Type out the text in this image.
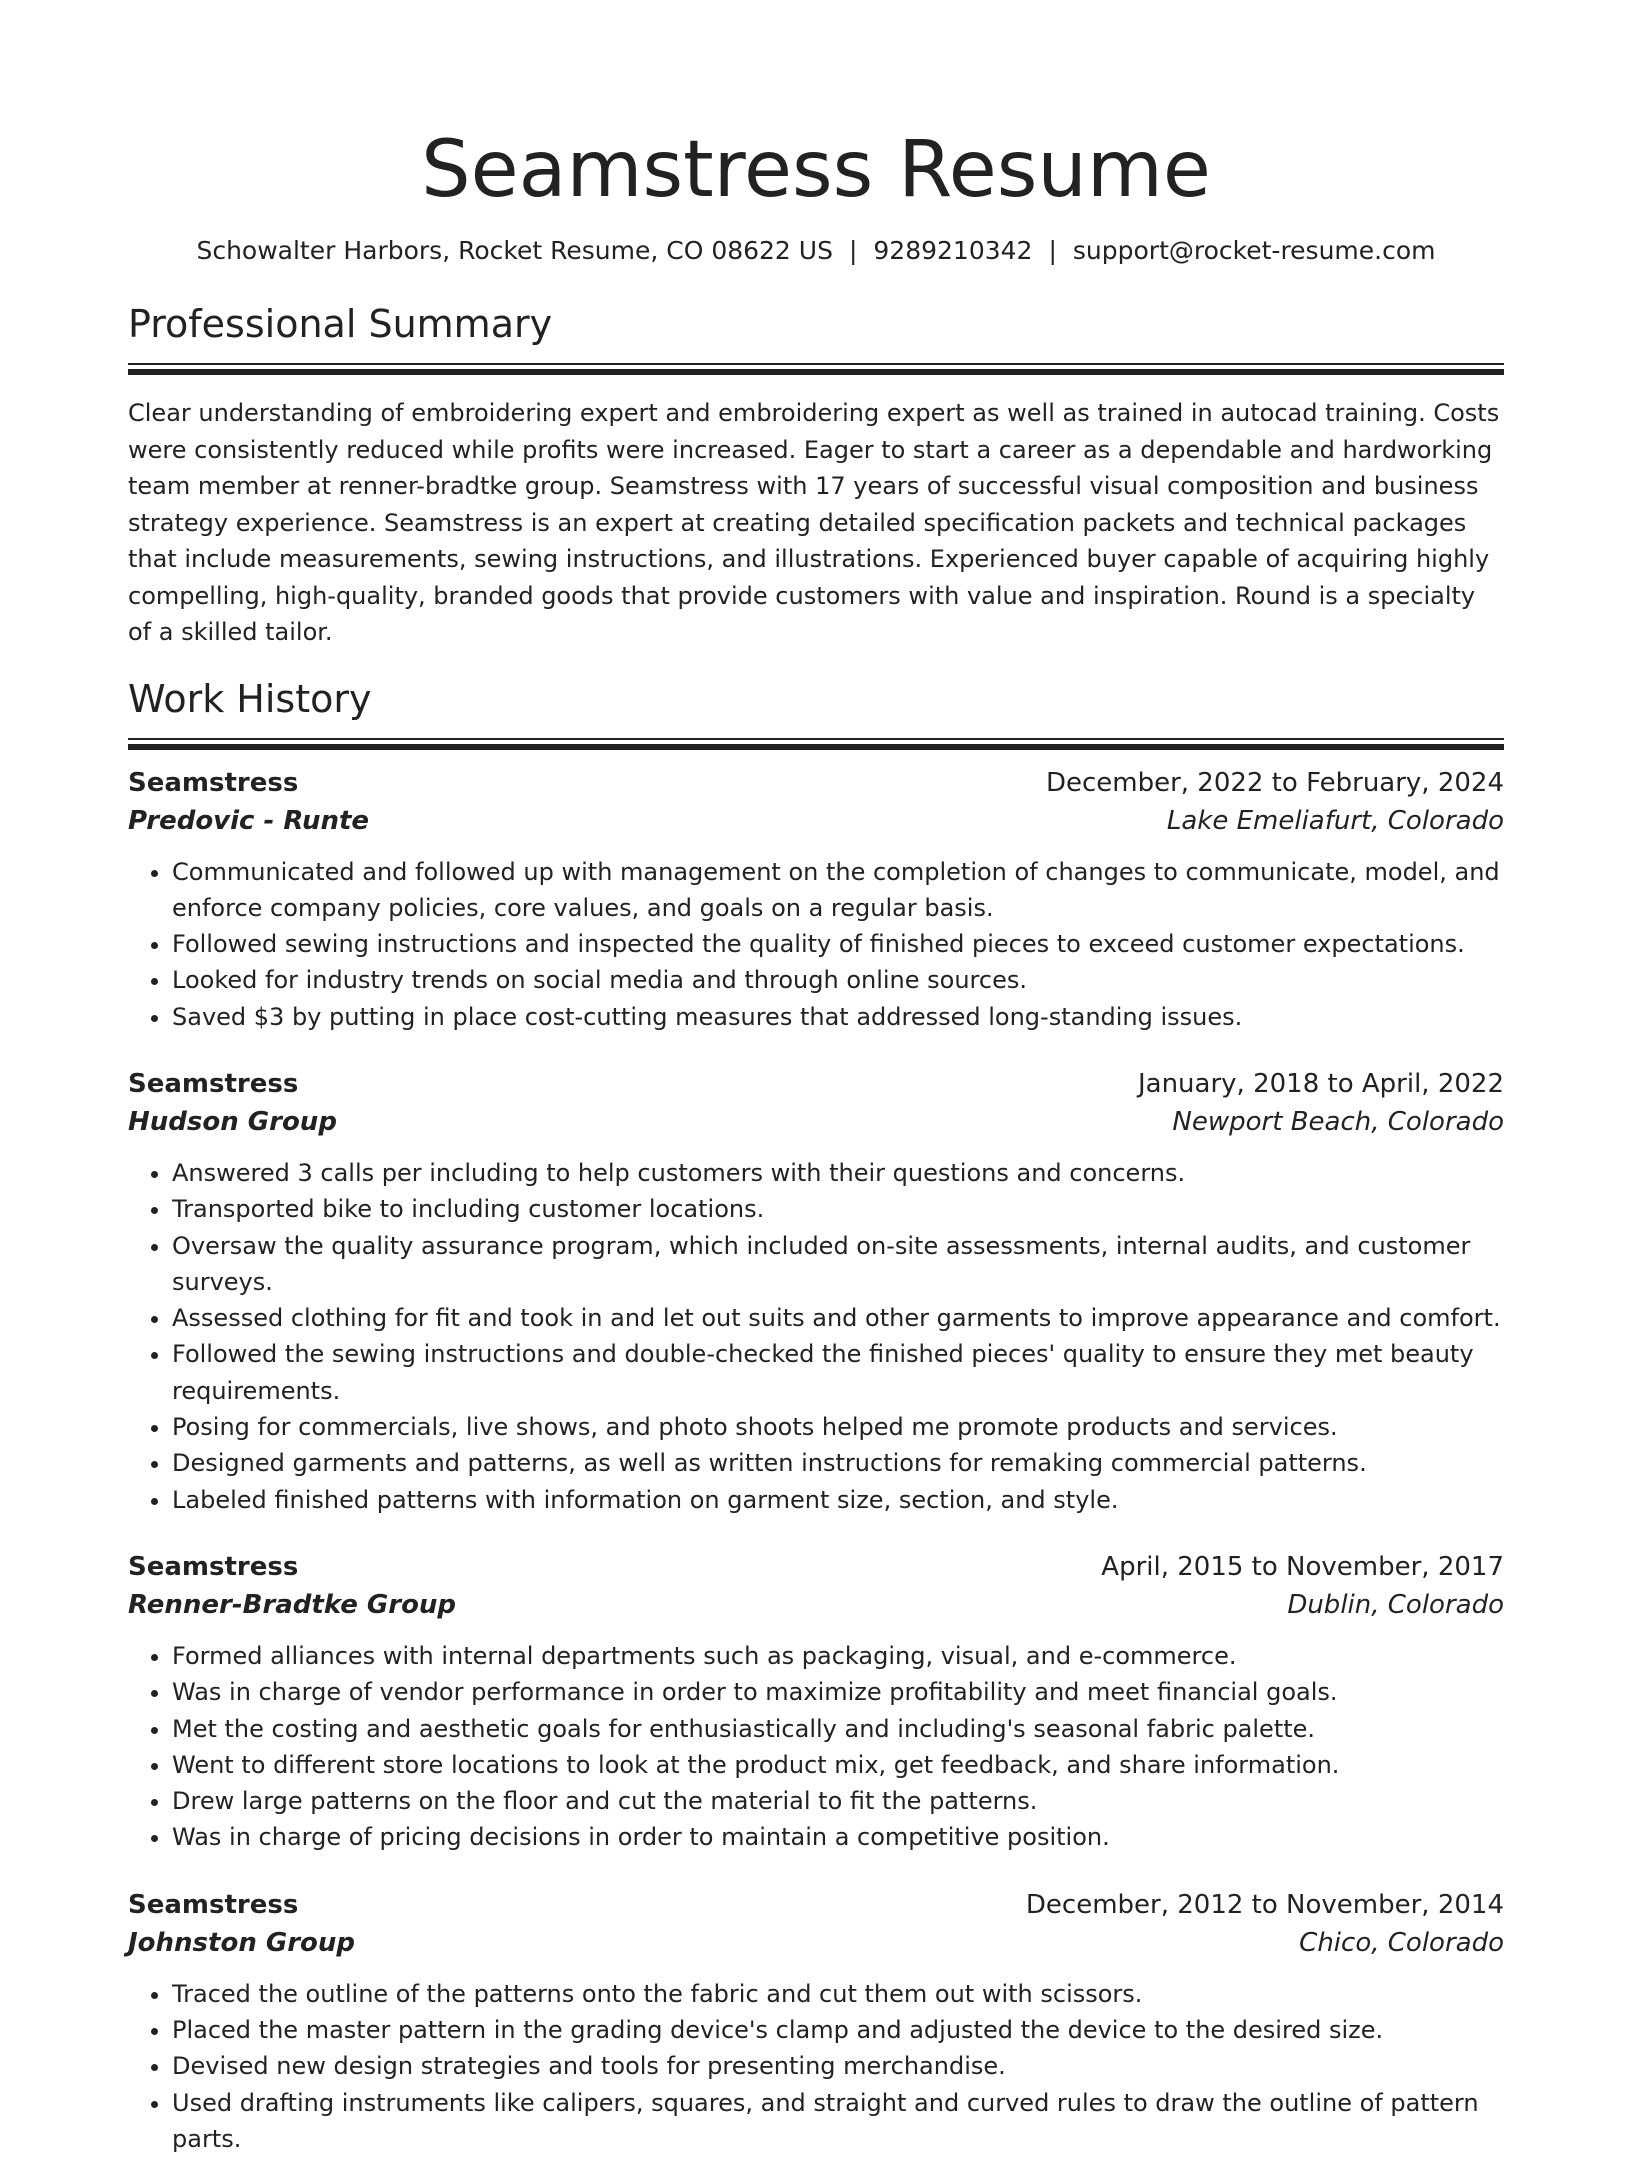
Seamstress Resume
Schowalter Harbors, Rocket Resume, CO 08622 US | 9289210342 | support@rocket-resume.com
Professional Summary
Clear understanding of embroidering expert and embroidering expert as well as trained in autocad training. Costs were consistently reduced while profits were increased. Eager to start a career as a dependable and hardworking team member at renner-bradtke group. Seamstress with 17 years of successful visual composition and business strategy experience. Seamstress is an expert at creating detailed specification packets and technical packages that include measurements, sewing instructions, and illustrations. Experienced buyer capable of acquiring highly compelling, high-quality, branded goods that provide customers with value and inspiration. Round is a specialty of a skilled tailor.
Work History
Seamstress	December, 2022 to February, 2024
Predovic - Runte	Lake Emeliafurt, Colorado
• Communicated and followed up with management on the completion of changes to communicate, model, and enforce company policies, core values, and goals on a regular basis.
• Followed sewing instructions and inspected the quality of finished pieces to exceed customer expectations.
• Looked for industry trends on social media and through online sources.
• Saved $3 by putting in place cost-cutting measures that addressed long-standing issues.
Seamstress	January, 2018 to April, 2022
Hudson Group	Newport Beach, Colorado
• Answered 3 calls per including to help customers with their questions and concerns.
• Transported bike to including customer locations.
• Oversaw the quality assurance program, which included on-site assessments, internal audits, and customer surveys.
• Assessed clothing for fit and took in and let out suits and other garments to improve appearance and comfort.
• Followed the sewing instructions and double-checked the finished pieces' quality to ensure they met beauty requirements.
• Posing for commercials, live shows, and photo shoots helped me promote products and services.
• Designed garments and patterns, as well as written instructions for remaking commercial patterns.
• Labeled finished patterns with information on garment size, section, and style.
Seamstress	April, 2015 to November, 2017
Renner-Bradtke Group	Dublin, Colorado
• Formed alliances with internal departments such as packaging, visual, and e-commerce.
• Was in charge of vendor performance in order to maximize profitability and meet financial goals.
• Met the costing and aesthetic goals for enthusiastically and including's seasonal fabric palette.
• Went to different store locations to look at the product mix, get feedback, and share information.
• Drew large patterns on the floor and cut the material to fit the patterns.
• Was in charge of pricing decisions in order to maintain a competitive position.
Seamstress	December, 2012 to November, 2014
Johnston Group	Chico, Colorado
• Traced the outline of the patterns onto the fabric and cut them out with scissors.
• Placed the master pattern in the grading device's clamp and adjusted the device to the desired size.
• Devised new design strategies and tools for presenting merchandise.
• Used drafting instruments like calipers, squares, and straight and curved rules to draw the outline of pattern parts.
